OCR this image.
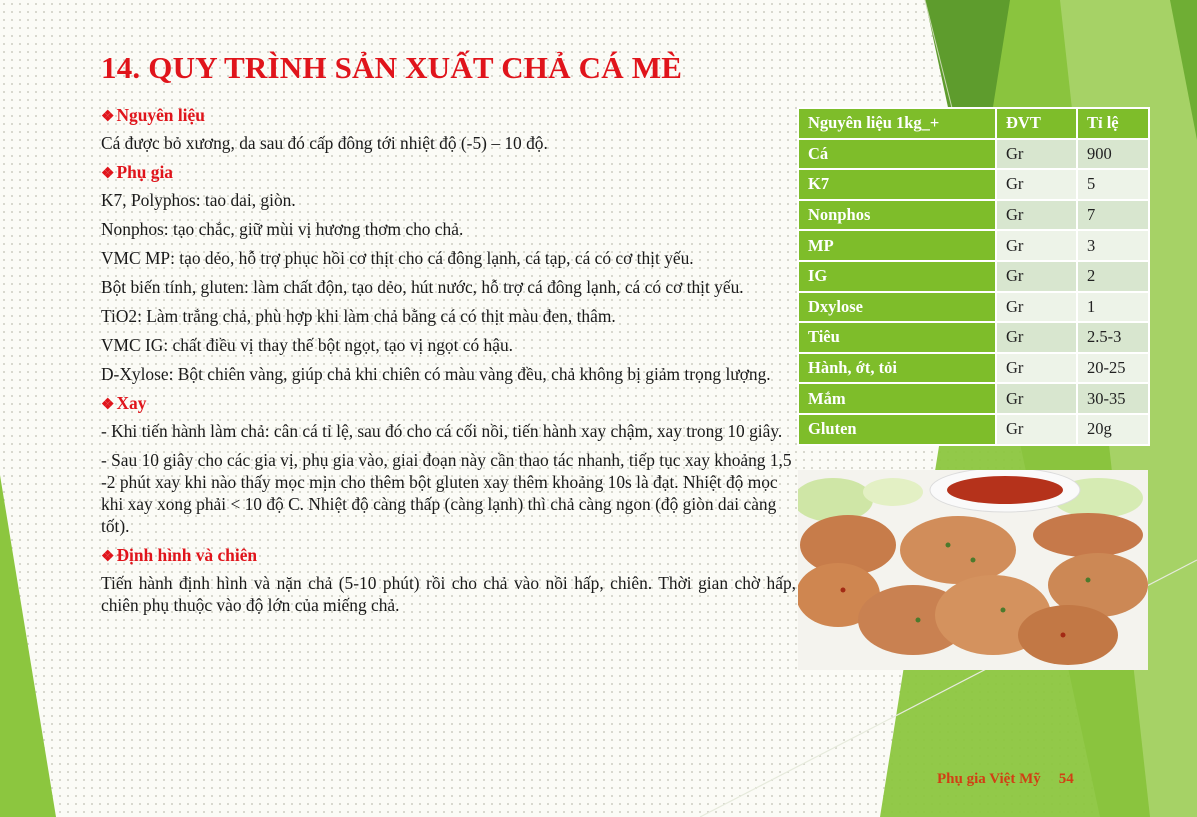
14. QUY TRÌNH SẢN XUẤT CHẢ CÁ MÈ
❖ Nguyên liệu

Cá được bỏ xương, da sau đó cấp đông tới nhiệt độ (-5) – 10 độ.

❖ Phụ gia

K7, Polyphos: tao dai, giòn.

Nonphos: tạo chắc, giữ mùi vị hương thơm cho chả.

VMC MP: tạo dẻo, hỗ trợ phục hồi cơ thịt cho cá đông lạnh, cá tạp, cá có cơ thịt yếu.

Bột biến tính, gluten: làm chất độn, tạo dẻo, hút nước, hỗ trợ cá đông lạnh, cá có cơ thịt yếu.

TiO2: Làm trắng chả, phù hợp khi làm chả bằng cá có thịt màu đen, thâm.

VMC IG: chất điều vị thay thế bột ngọt, tạo vị ngọt có hậu.

D-Xylose: Bột chiên vàng, giúp chả khi chiên có màu vàng đều, chả không bị giảm trọng lượng.

❖ Xay

- Khi tiến hành làm chả: cân cá tỉ lệ, sau đó cho cá cối nồi, tiến hành xay chậm, xay trong 10 giây.

- Sau 10 giây cho các gia vị, phụ gia vào, giai đoạn này cần thao tác nhanh, tiếp tục xay khoảng 1,5 -2 phút xay khi nào thấy mọc mịn cho thêm bột gluten xay thêm khoảng 10s là đạt. Nhiệt độ mọc khi xay xong phải < 10 độ C. Nhiệt độ càng thấp (càng lạnh) thì chả càng ngon (độ giòn dai càng tốt).

❖ Định hình và chiên

Tiến hành định hình và nặn chả (5-10 phút) rồi cho chả vào nồi hấp, chiên. Thời gian chờ hấp, chiên phụ thuộc vào độ lớn của miếng chả.

Nguyên liệu 1kg_+	ĐVT	Tỉ lệ
Cá	Gr	900
K7	Gr	5
Nonphos	Gr	7
MP	Gr	3
IG	Gr	2
Dxylose	Gr	1
Tiêu	Gr	2.5-3
Hành, ớt, tỏi	Gr	20-25
Mắm	Gr	30-35
Gluten	Gr	20g
Phụ gia Việt Mỹ 54
